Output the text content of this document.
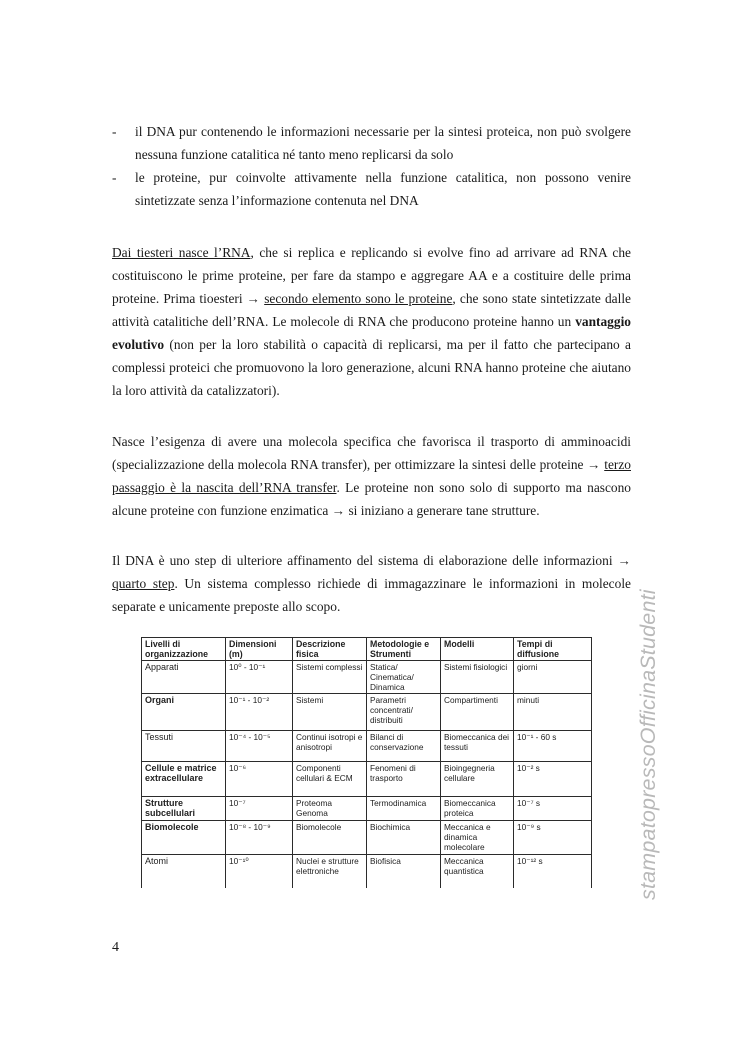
- il DNA pur contenendo le informazioni necessarie per la sintesi proteica, non può svolgere nessuna funzione catalitica né tanto meno replicarsi da solo
- le proteine, pur coinvolte attivamente nella funzione catalitica, non possono venire sintetizzate senza l’informazione contenuta nel DNA
Dai tiesteri nasce l’RNA, che si replica e replicando si evolve fino ad arrivare ad RNA che costituiscono le prime proteine, per fare da stampo e aggregare AA e a costituire delle prima proteine. Prima tioesteri → secondo elemento sono le proteine, che sono state sintetizzate dalle attività catalitiche dell’RNA. Le molecole di RNA che producono proteine hanno un vantaggio evolutivo (non per la loro stabilità o capacità di replicarsi, ma per il fatto che partecipano a complessi proteici che promuovono la loro generazione, alcuni RNA hanno proteine che aiutano la loro attività da catalizzatori).
Nasce l’esigenza di avere una molecola specifica che favorisca il trasporto di amminoacidi (specializzazione della molecola RNA transfer), per ottimizzare la sintesi delle proteine → terzo passaggio è la nascita dell’RNA transfer. Le proteine non sono solo di supporto ma nascono alcune proteine con funzione enzimatica → si iniziano a generare tane strutture.
Il DNA è uno step di ulteriore affinamento del sistema di elaborazione delle informazioni → quarto step. Un sistema complesso richiede di immagazzinare le informazioni in molecole separate e unicamente preposte allo scopo.
Livelli di organizzazione	Dimensioni (m)	Descrizione fisica	Metodologie e Strumenti	Modelli	Tempi di diffusione
Apparati	10⁰ - 10⁻¹	Sistemi complessi	Statica/ Cinematica/ Dinamica	Sistemi fisiologici	giorni
Organi	10⁻¹ - 10⁻²	Sistemi	Parametri concentrati/ distribuiti	Compartimenti	minuti
Tessuti	10⁻⁴ - 10⁻⁵	Continui isotropi e anisotropi	Bilanci di conservazione	Biomeccanica dei tessuti	10⁻¹ - 60 s
Cellule e matrice extracellulare	10⁻⁶	Componenti cellulari & ECM	Fenomeni di trasporto	Bioingegneria cellulare	10⁻² s
Strutture subcellulari	10⁻⁷	Proteoma Genoma	Termodinamica	Biomeccanica proteica	10⁻⁷ s
Biomolecole	10⁻⁸ - 10⁻⁹	Biomolecole	Biochimica	Meccanica e dinamica molecolare	10⁻⁹ s
Atomi	10⁻¹⁰	Nuclei e strutture elettroniche	Biofisica	Meccanica quantistica	10⁻¹² s	stampatopressoOfficinaStudenti
4
